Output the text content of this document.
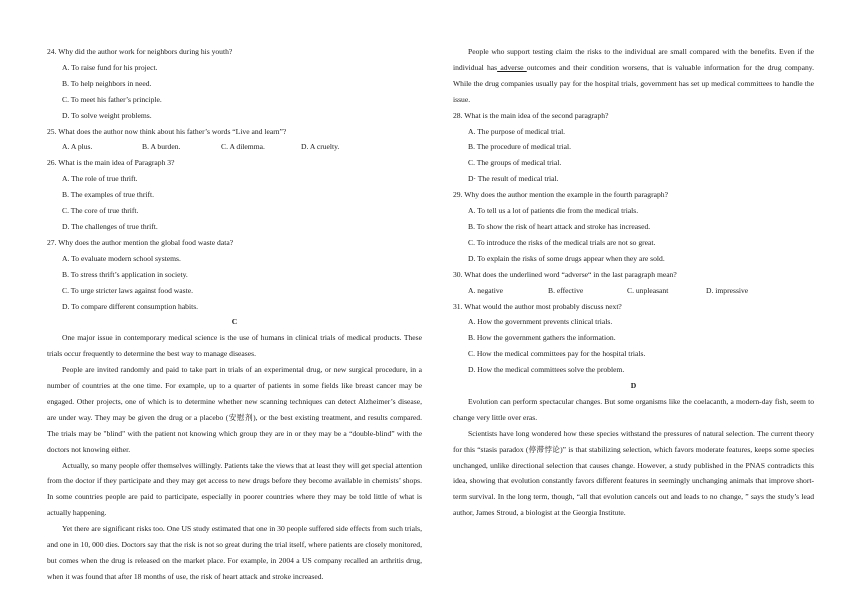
24. Why did the author work for neighbors during his youth?

A. To raise fund for his project.

B. To help neighbors in need.

C. To meet his father’s principle.

D. To solve weight problems.

25. What does the author now think about his father’s words “Live and learn”?

A. A plus.	B. A burden.	C. A dilemma.	D. A cruelty.

26. What is the main idea of Paragraph 3?

A. The role of true thrift.

B. The examples of true thrift.

C. The core of true thrift.

D. The challenges of true thrift.

27. Why does the author mention the global food waste data?

A. To evaluate modern school systems.

B. To stress thrift’s application in society.

C. To urge stricter laws against food waste.

D. To compare different consumption habits.

C

One major issue in contemporary medical science is the use of humans in clinical trials of medical products. These trials occur frequently to determine the best way to manage diseases.

People are invited randomly and paid to take part in trials of an experimental drug, or new surgical procedure, in a number of countries at the one time. For example, up to a quarter of patients in some fields like breast cancer may be engaged. Other projects, one of which is to determine whether new scanning techniques can detect Alzheimer’s disease, are under way. They may be given the drug or a placebo (安慰剂), or the best existing treatment, and results compared. The trials may be "blind" with the patient not knowing which group they are in or they may be a “double-blind” with the doctors not knowing either.

Actually, so many people offer themselves willingly. Patients take the views that at least they will get special attention from the doctor if they participate and they may get access to new drugs before they become available in chemists’ shops. In some countries people are paid to participate, especially in poorer countries where they may be told little of what is actually happening.

Yet there are significant risks too. One US study estimated that one in 30 people suffered side effects from such trials, and one in 10, 000 dies. Doctors say that the risk is not so great during the trial itself, where patients are closely monitored, but comes when the drug is released on the market place. For example, in 2004 a US company recalled an arthritis drug, when it was found that after 18 months of use, the risk of heart attack and stroke increased.

People who support testing claim the risks to the individual are small compared with the benefits. Even if the individual has adverse outcomes and their condition worsens, that is valuable information for the drug company. While the drug companies usually pay for the hospital trials, government has set up medical committees to handle the issue.

28. What is the main idea of the second paragraph?

A. The purpose of medical trial.

B. The procedure of medical trial.

C. The groups of medical trial.

D· The result of medical trial.

29. Why does the author mention the example in the fourth paragraph?

A. To tell us a lot of patients die from the medical trials.

B. To show the risk of heart attack and stroke has increased.

C. To introduce the risks of the medical trials are not so great.

D. To explain the risks of some drugs appear when they are sold.

30. What does the underlined word “adverse“ in the last paragraph mean?

A. negative	B. effective	C. unpleasant	D. impressive

31. What would the author most probably discuss next?

A. How the government prevents clinical trials.

B. How the government gathers the information.

C. How the medical committees pay for the hospital trials.

D. How the medical committees solve the problem.

D

Evolution can perform spectacular changes. But some organisms like the coelacanth, a modern-day fish, seem to change very little over eras.

Scientists have long wondered how these species withstand the pressures of natural selection. The current theory for this “stasis paradox (停滞悖论)” is that stabilizing selection, which favors moderate features, keeps some species unchanged, unlike directional selection that causes change. However, a study published in the PNAS contradicts this idea, showing that evolution constantly favors different features in seemingly unchanging animals that improve short-term survival. In the long term, though, “all that evolution cancels out and leads to no change, ” says the study’s lead author, James Stroud, a biologist at the Georgia Institute.
